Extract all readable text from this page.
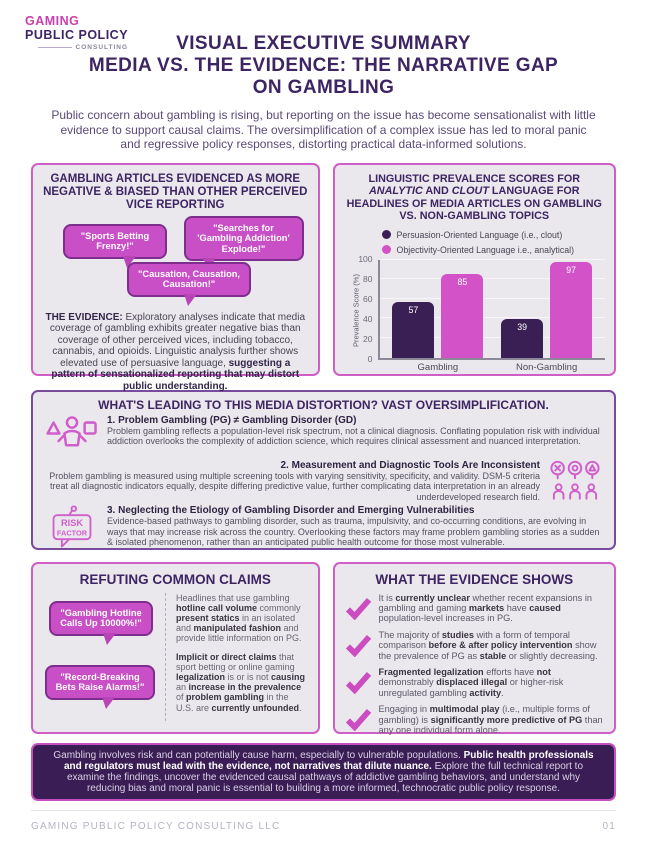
GAMING
PUBLIC POLICY
CONSULTING	VISUAL EXECUTIVE SUMMARY
MEDIA VS. THE EVIDENCE: THE NARRATIVE GAP
ON GAMBLING

Public concern about gambling is rising, but reporting on the issue has become sensationalist with little evidence to support causal claims. The oversimplification of a complex issue has led to moral panic and regressive policy responses, distorting practical data-informed solutions.

GAMBLING ARTICLES EVIDENCED AS MORE NEGATIVE & BIASED THAN OTHER PERCEIVED VICE REPORTING
"Sports Betting Frenzy!"
"Searches for 'Gambling Addiction' Explode!"
"Causation, Causation, Causation!"

THE EVIDENCE: Exploratory analyses indicate that media coverage of gambling exhibits greater negative bias than coverage of other perceived vices, including tobacco, cannabis, and opioids. Linguistic analysis further shows elevated use of persuasive language, suggesting a pattern of sensationalized reporting that may distort public understanding.

LINGUISTIC PREVALENCE SCORES FOR ANALYTIC AND CLOUT LANGUAGE FOR HEADLINES OF MEDIA ARTICLES ON GAMBLING VS. NON-GAMBLING TOPICS
Persuasion-Oriented Language (i.e., clout)
Objectivity-Oriented Language i.e., analytical)
Prevalence Score (%)
0
20
40
60
80
100
57
85
Gambling
39
97
Non-Gambling
WHAT'S LEADING TO THIS MEDIA DISTORTION? VAST OVERSIMPLIFICATION.
1. Problem Gambling (PG) ≠ Gambling Disorder (GD)
Problem gambling reflects a population-level risk spectrum, not a clinical diagnosis. Conflating population risk with individual addiction overlooks the complexity of addiction science, which requires clinical assessment and nuanced interpretation.
2. Measurement and Diagnostic Tools Are Inconsistent
Problem gambling is measured using multiple screening tools with varying sensitivity, specificity, and validity. DSM-5 criteria treat all diagnostic indicators equally, despite differing predictive value, further complicating data interpretation in an already underdeveloped research field.
RISK
FACTOR
3. Neglecting the Etiology of Gambling Disorder and Emerging Vulnerabilities
Evidence-based pathways to gambling disorder, such as trauma, impulsivity, and co-occurring conditions, are evolving in ways that may increase risk across the country. Overlooking these factors may frame problem gambling stories as a sudden & isolated phenomenon, rather than an anticipated public health outcome for those most vulnerable.
REFUTING COMMON CLAIMS
"Gambling Hotline Calls Up 10000%!"
"Record-Breaking Bets Raise Alarms!"

Headlines that use gambling hotline call volume commonly present statics in an isolated and manipulated fashion and provide little information on PG.

Implicit or direct claims that sport betting or online gaming legalization is or is not causing an increase in the prevalence of problem gambling in the U.S. are currently unfounded.

WHAT THE EVIDENCE SHOWS
It is currently unclear whether recent expansions in gambling and gaming markets have caused population-level increases in PG.
The majority of studies with a form of temporal comparison before & after policy intervention show the prevalence of PG as stable or slightly decreasing.
Fragmented legalization efforts have not demonstrably displaced illegal or higher-risk unregulated gambling activity.
Engaging in multimodal play (i.e., multiple forms of gambling) is significantly more predictive of PG than any one individual form alone.
Gambling involves risk and can potentially cause harm, especially to vulnerable populations. Public health professionals and regulators must lead with the evidence, not narratives that dilute nuance. Explore the full technical report to examine the findings, uncover the evidenced causal pathways of addictive gambling behaviors, and understand why reducing bias and moral panic is essential to building a more informed, technocratic public policy response.
GAMING PUBLIC POLICY CONSULTING LLC	01
